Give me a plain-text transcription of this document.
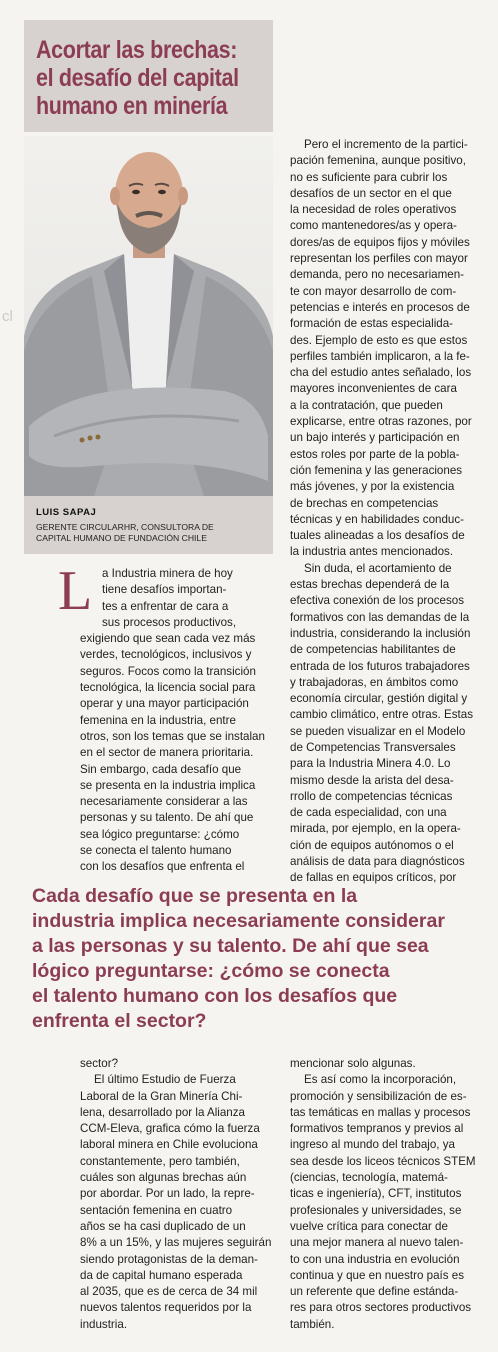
cl
Acortar las brechas:
el desafío del capital
humano en minería
LUIS SAPAJ
GERENTE CIRCULARHR, CONSULTORA DE
CAPITAL HUMANO DE FUNDACIÓN CHILE

Pero el incremento de la partici-

pación femenina, aunque positivo,

no es suficiente para cubrir los

desafíos de un sector en el que

la necesidad de roles operativos

como mantenedores/as y opera-

dores/as de equipos fijos y móviles

representan los perfiles con mayor

demanda, pero no necesariamen-

te con mayor desarrollo de com-

petencias e interés en procesos de

formación de estas especialida-

des. Ejemplo de esto es que estos

perfiles también implicaron, a la fe-

cha del estudio antes señalado, los

mayores inconvenientes de cara

a la contratación, que pueden

explicarse, entre otras razones, por

un bajo interés y participación en

estos roles por parte de la pobla-

ción femenina y las generaciones

más jóvenes, y por la existencia

de brechas en competencias

técnicas y en habilidades conduc-

tuales alineadas a los desafíos de

la industria antes mencionados.

Sin duda, el acortamiento de

estas brechas dependerá de la

efectiva conexión de los procesos

formativos con las demandas de la

industria, considerando la inclusión

de competencias habilitantes de

entrada de los futuros trabajadores

y trabajadoras, en ámbitos como

economía circular, gestión digital y

cambio climático, entre otras. Estas

se pueden visualizar en el Modelo

de Competencias Transversales

para la Industria Minera 4.0. Lo

mismo desde la arista del desa-

rrollo de competencias técnicas

de cada especialidad, con una

mirada, por ejemplo, en la opera-

ción de equipos autónomos o el

análisis de data para diagnósticos

de fallas en equipos críticos, por

L a Industria minera de hoy

tiene desafíos importan-

tes a enfrentar de cara a

sus procesos productivos,

exigiendo que sean cada vez más

verdes, tecnológicos, inclusivos y

seguros. Focos como la transición

tecnológica, la licencia social para

operar y una mayor participación

femenina en la industria, entre

otros, son los temas que se instalan

en el sector de manera prioritaria.

Sin embargo, cada desafío que

se presenta en la industria implica

necesariamente considerar a las

personas y su talento. De ahí que

sea lógico preguntarse: ¿cómo

se conecta el talento humano

con los desafíos que enfrenta el

Cada desafío que se presenta en la
industria implica necesariamente considerar
a las personas y su talento. De ahí que sea
lógico preguntarse: ¿cómo se conecta
el talento humano con los desafíos que
enfrenta el sector?

sector?

El último Estudio de Fuerza

Laboral de la Gran Minería Chi-

lena, desarrollado por la Alianza

CCM-Eleva, grafica cómo la fuerza

laboral minera en Chile evoluciona

constantemente, pero también,

cuáles son algunas brechas aún

por abordar. Por un lado, la repre-

sentación femenina en cuatro

años se ha casi duplicado de un

8% a un 15%, y las mujeres seguirán

siendo protagonistas de la deman-

da de capital humano esperada

al 2035, que es de cerca de 34 mil

nuevos talentos requeridos por la

industria.

mencionar solo algunas.

Es así como la incorporación,

promoción y sensibilización de es-

tas temáticas en mallas y procesos

formativos tempranos y previos al

ingreso al mundo del trabajo, ya

sea desde los liceos técnicos STEM

(ciencias, tecnología, matemá-

ticas e ingeniería), CFT, institutos

profesionales y universidades, se

vuelve crítica para conectar de

una mejor manera al nuevo talen-

to con una industria en evolución

continua y que en nuestro país es

un referente que define estánda-

res para otros sectores productivos

también.
